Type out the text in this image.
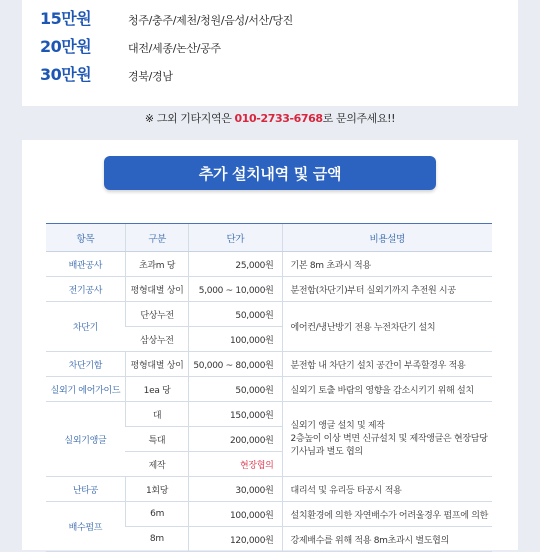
15만원	청주/충주/제천/청원/음성/서산/당진
20만원	대전/세종/논산/공주
30만원	경북/경남
※ 그외 기타지역은 010-2733-6768로 문의주세요!!
추가 설치내역 및 금액
항목	구분	단가	비용설명
배관공사	초과m 당	25,000원	기본 8m 초과시 적용
전기공사	평형대별 상이	5,000 ~ 10,000원	분전함(차단기)부터 실외기까지 추전원 시공
차단기	단상누전	50,000원	에어컨/냉난방기 전용 누전차단기 설치
	삼상누전	100,000원	
차단기함	평형대별 상이	50,000 ~ 80,000원	분전함 내 차단기 설치 공간이 부족할경우 적용
실외기 에어가이드	1ea 당	50,000원	실외기 토출 바람의 영향을 감소시키기 위해 설치
실외기앵글	대	150,000원	실외기 앵글 설치 및 제작
2층높이 이상 벽면 신규설치 및 제작앵글은 현장담당
기사님과 별도 협의

	특대	200,000원	
	제작	현장협의	
난타공	1회당	30,000원	대리석 및 유리등 타공시 적용
배수펌프	6m	100,000원	설치환경에 의한 자연배수가 어려울경우 펌프에 의한
	8m	120,000원	강제배수를 위해 적용 8m초과시 별도협의
